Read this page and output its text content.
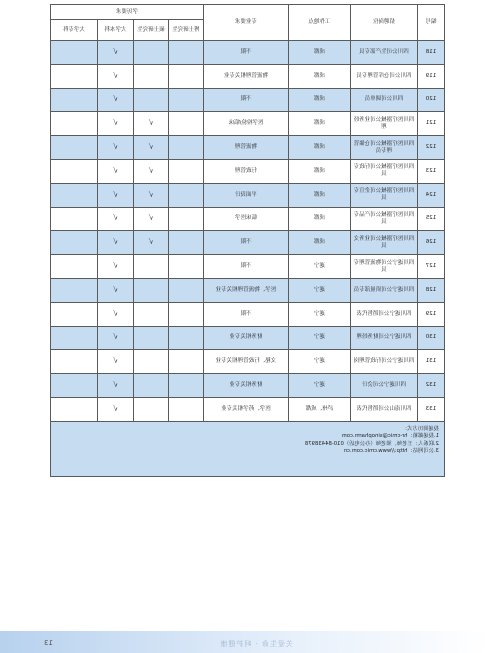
编号	招聘岗位	工作地点	专业要求	学历要求			
				博士研究生	硕士研究生	大学本科	大学专科
118	四川公司生产部专员	成都	不限			√	
119	四川公司仓库管理专员	成都	物流管理相关专业			√	
120	四川公司调单员	成都	不限			√	
121	四川医疗器械公司业务经理	成都	医学检验/临床		√	√	
122	四川医疗器械公司仓储管理专员	成都	物流管理		√	√	
123	四川医疗器械公司行政专员	成都	行政管理		√	√	
124	四川医疗器械公司企宣专员	成都	平面设计		√	√	
125	四川医疗器械公司产品专员	成都	临床医学		√	√	
126	四川医疗器械公司业务文员	成都	不限		√	√	
127	四川遂宁公司物流管理专员	遂宁	不限			√	
128	四川遂宁公司质量部专员	遂宁	医学、物流管理相关专业			√	
129	四川遂宁公司销售代表	遂宁	不限			√	
130	四川遂宁公司财务经理	遂宁	财务相关专业			√	
131	四川遂宁公司行政管理岗	遂宁	文秘、行政管理相关专业			√	
132	四川遂宁公司会计	遂宁	财务相关专业			√	
133	四川南山公司销售代表	泸州、成都	医学、药学相关专业			√	

投递简历方式：
1.投递邮箱：hr-cmic@sinopharm.com
2.联系人：王老师、梁老师（办公电话）010-84438978
3.公司网站：http://www.cmic.com.cn							
关爱生命 · 呵护健康
13
